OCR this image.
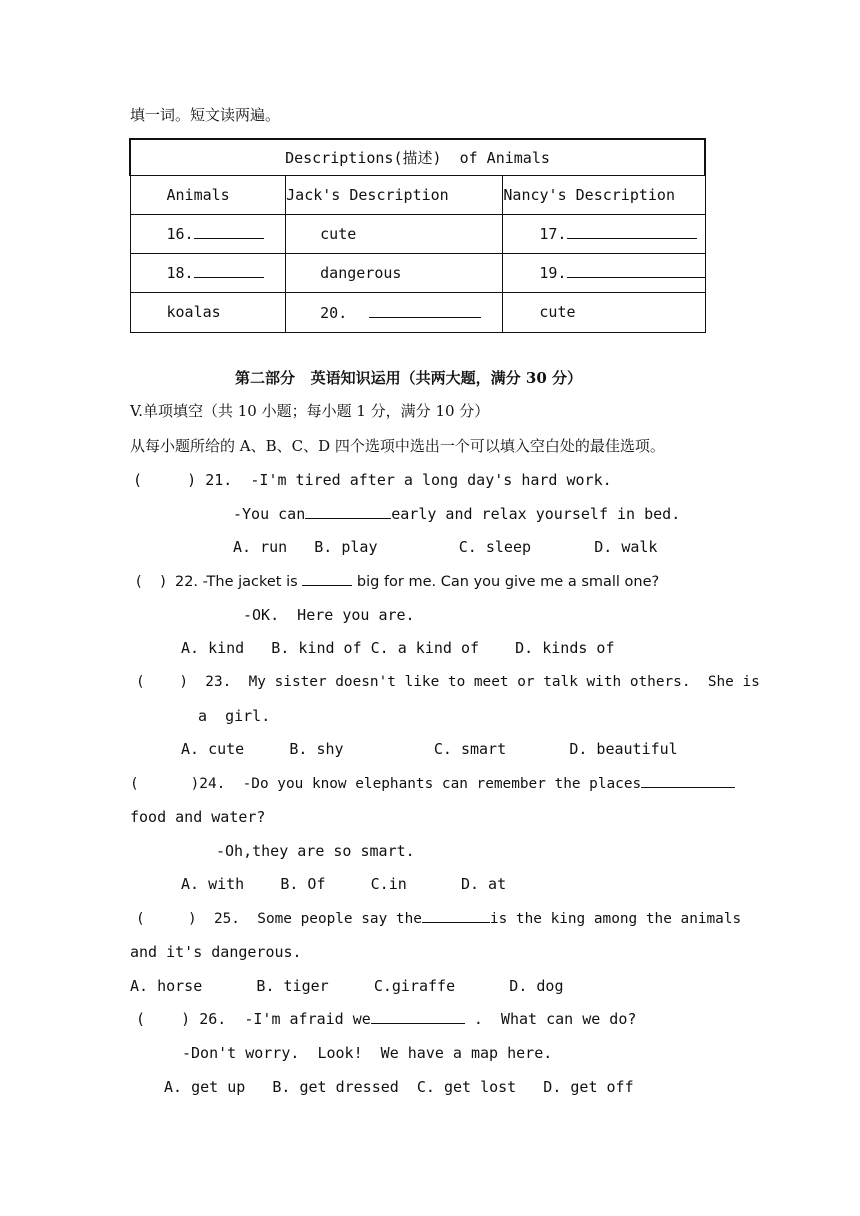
填一词。短文读两遍。
Descriptions(描述)  of Animals		
Animals	Jack's Description	Nancy's Description
16.	cute	17.
18.	dangerous	19.
koalas	20.	cute
第二部分   英语知识运用（共两大题，满分 30 分）
V.单项填空（共 10 小题；每小题 1 分，满分 10 分）
从每小题所给的 A、B、C、D 四个选项中选出一个可以填入空白处的最佳选项。
(     ) 21.  -I'm tired after a long day's hard work.
-You can	early and relax yourself in bed.
A. run   B. play         C. sleep       D. walk
(    )  22. -The jacket is	big for me. Can you give me a small one?
-OK.  Here you are.
A. kind   B. kind of C. a kind of    D. kinds of
(    )  23.  My sister doesn't like to meet or talk with others.  She is
a  girl.
A. cute     B. shy          C. smart       D. beautiful
(      )24.  -Do you know elephants can remember the places
food and water?
-Oh,they are so smart.
A. with    B. Of     C.in      D. at
(     )  25.  Some people say the	is the king among the animals
and it's dangerous.
A. horse      B. tiger     C.giraffe      D. dog
(    ) 26.  -I'm afraid we	.  What can we do?
-Don't worry.  Look!  We have a map here.
A. get up   B. get dressed  C. get lost   D. get off
